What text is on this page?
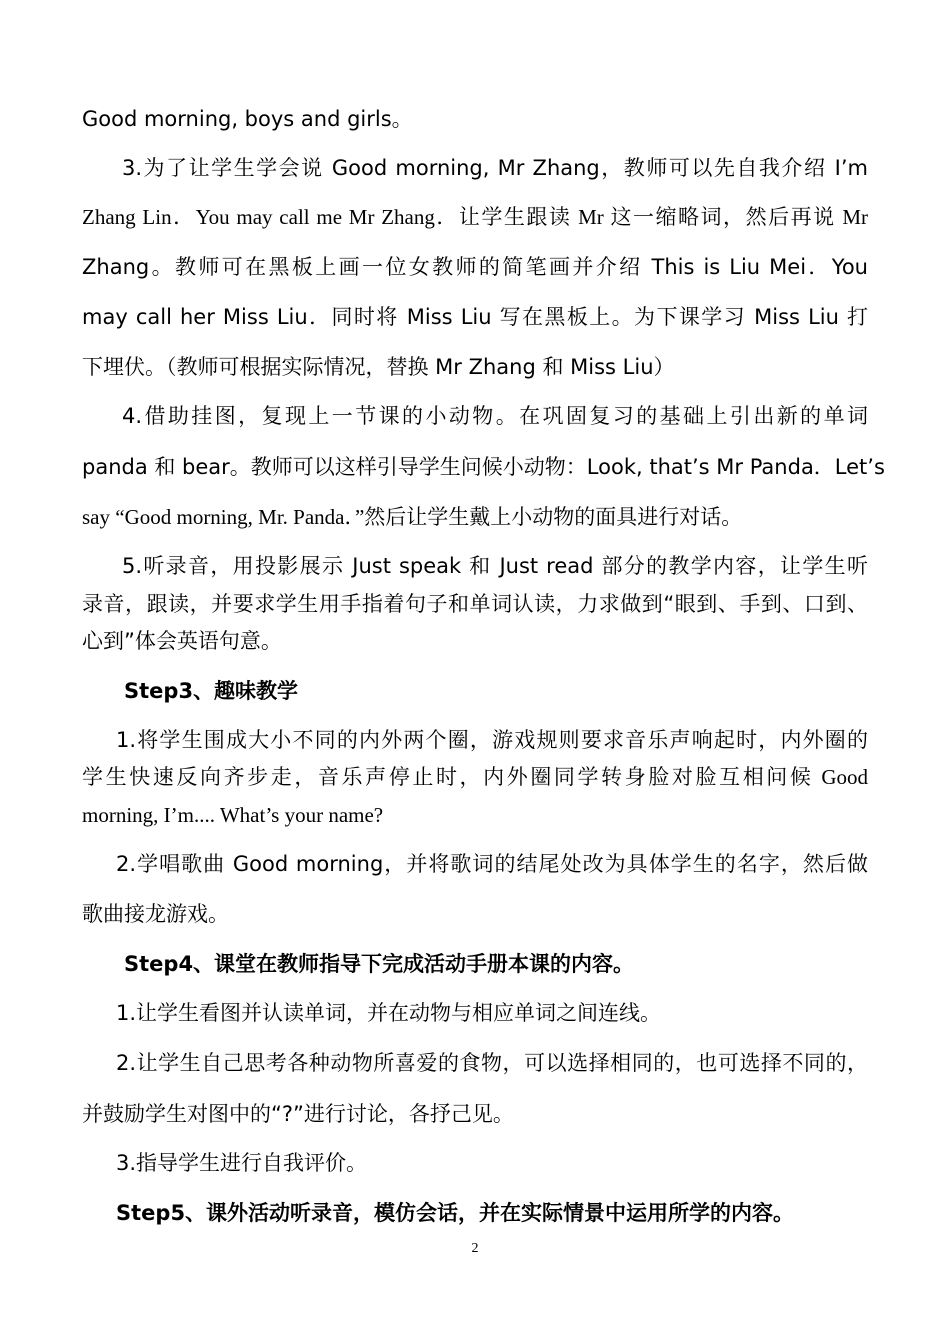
Good morning, boys and girls。
3.为了让学生学会说 Good morning, Mr Zhang，教师可以先自我介绍 I’m
Zhang Lin．You may call me Mr Zhang．让学生跟读 Mr 这一缩略词，然后再说 Mr
Zhang。教师可在黑板上画一位女教师的简笔画并介绍 This is Liu Mei．You
may call her Miss Liu．同时将 Miss Liu 写在黑板上。为下课学习 Miss Liu 打
下埋伏。（教师可根据实际情况，替换 Mr Zhang 和 Miss Liu）
4.借助挂图，复现上一节课的小动物。在巩固复习的基础上引出新的单词
panda 和 bear。教师可以这样引导学生问候小动物：Look, that’s Mr Panda．Let’s
say “Good morning, Mr. Panda．”然后让学生戴上小动物的面具进行对话。
5.听录音，用投影展示 Just speak 和 Just read 部分的教学内容，让学生听
录音，跟读，并要求学生用手指着句子和单词认读，力求做到“眼到、手到、口到、
心到”体会英语句意。
Step3、趣味教学
1.将学生围成大小不同的内外两个圈，游戏规则要求音乐声响起时，内外圈的
学生快速反向齐步走，音乐声停止时，内外圈同学转身脸对脸互相问候 Good
morning, I’m.... What’s your name?
2.学唱歌曲 Good morning，并将歌词的结尾处改为具体学生的名字，然后做
歌曲接龙游戏。
Step4、课堂在教师指导下完成活动手册本课的内容。
1.让学生看图并认读单词，并在动物与相应单词之间连线。
2.让学生自己思考各种动物所喜爱的食物，可以选择相同的，也可选择不同的，
并鼓励学生对图中的“?”进行讨论，各抒己见。
3.指导学生进行自我评价。
Step5、课外活动听录音，模仿会话，并在实际情景中运用所学的内容。
2
